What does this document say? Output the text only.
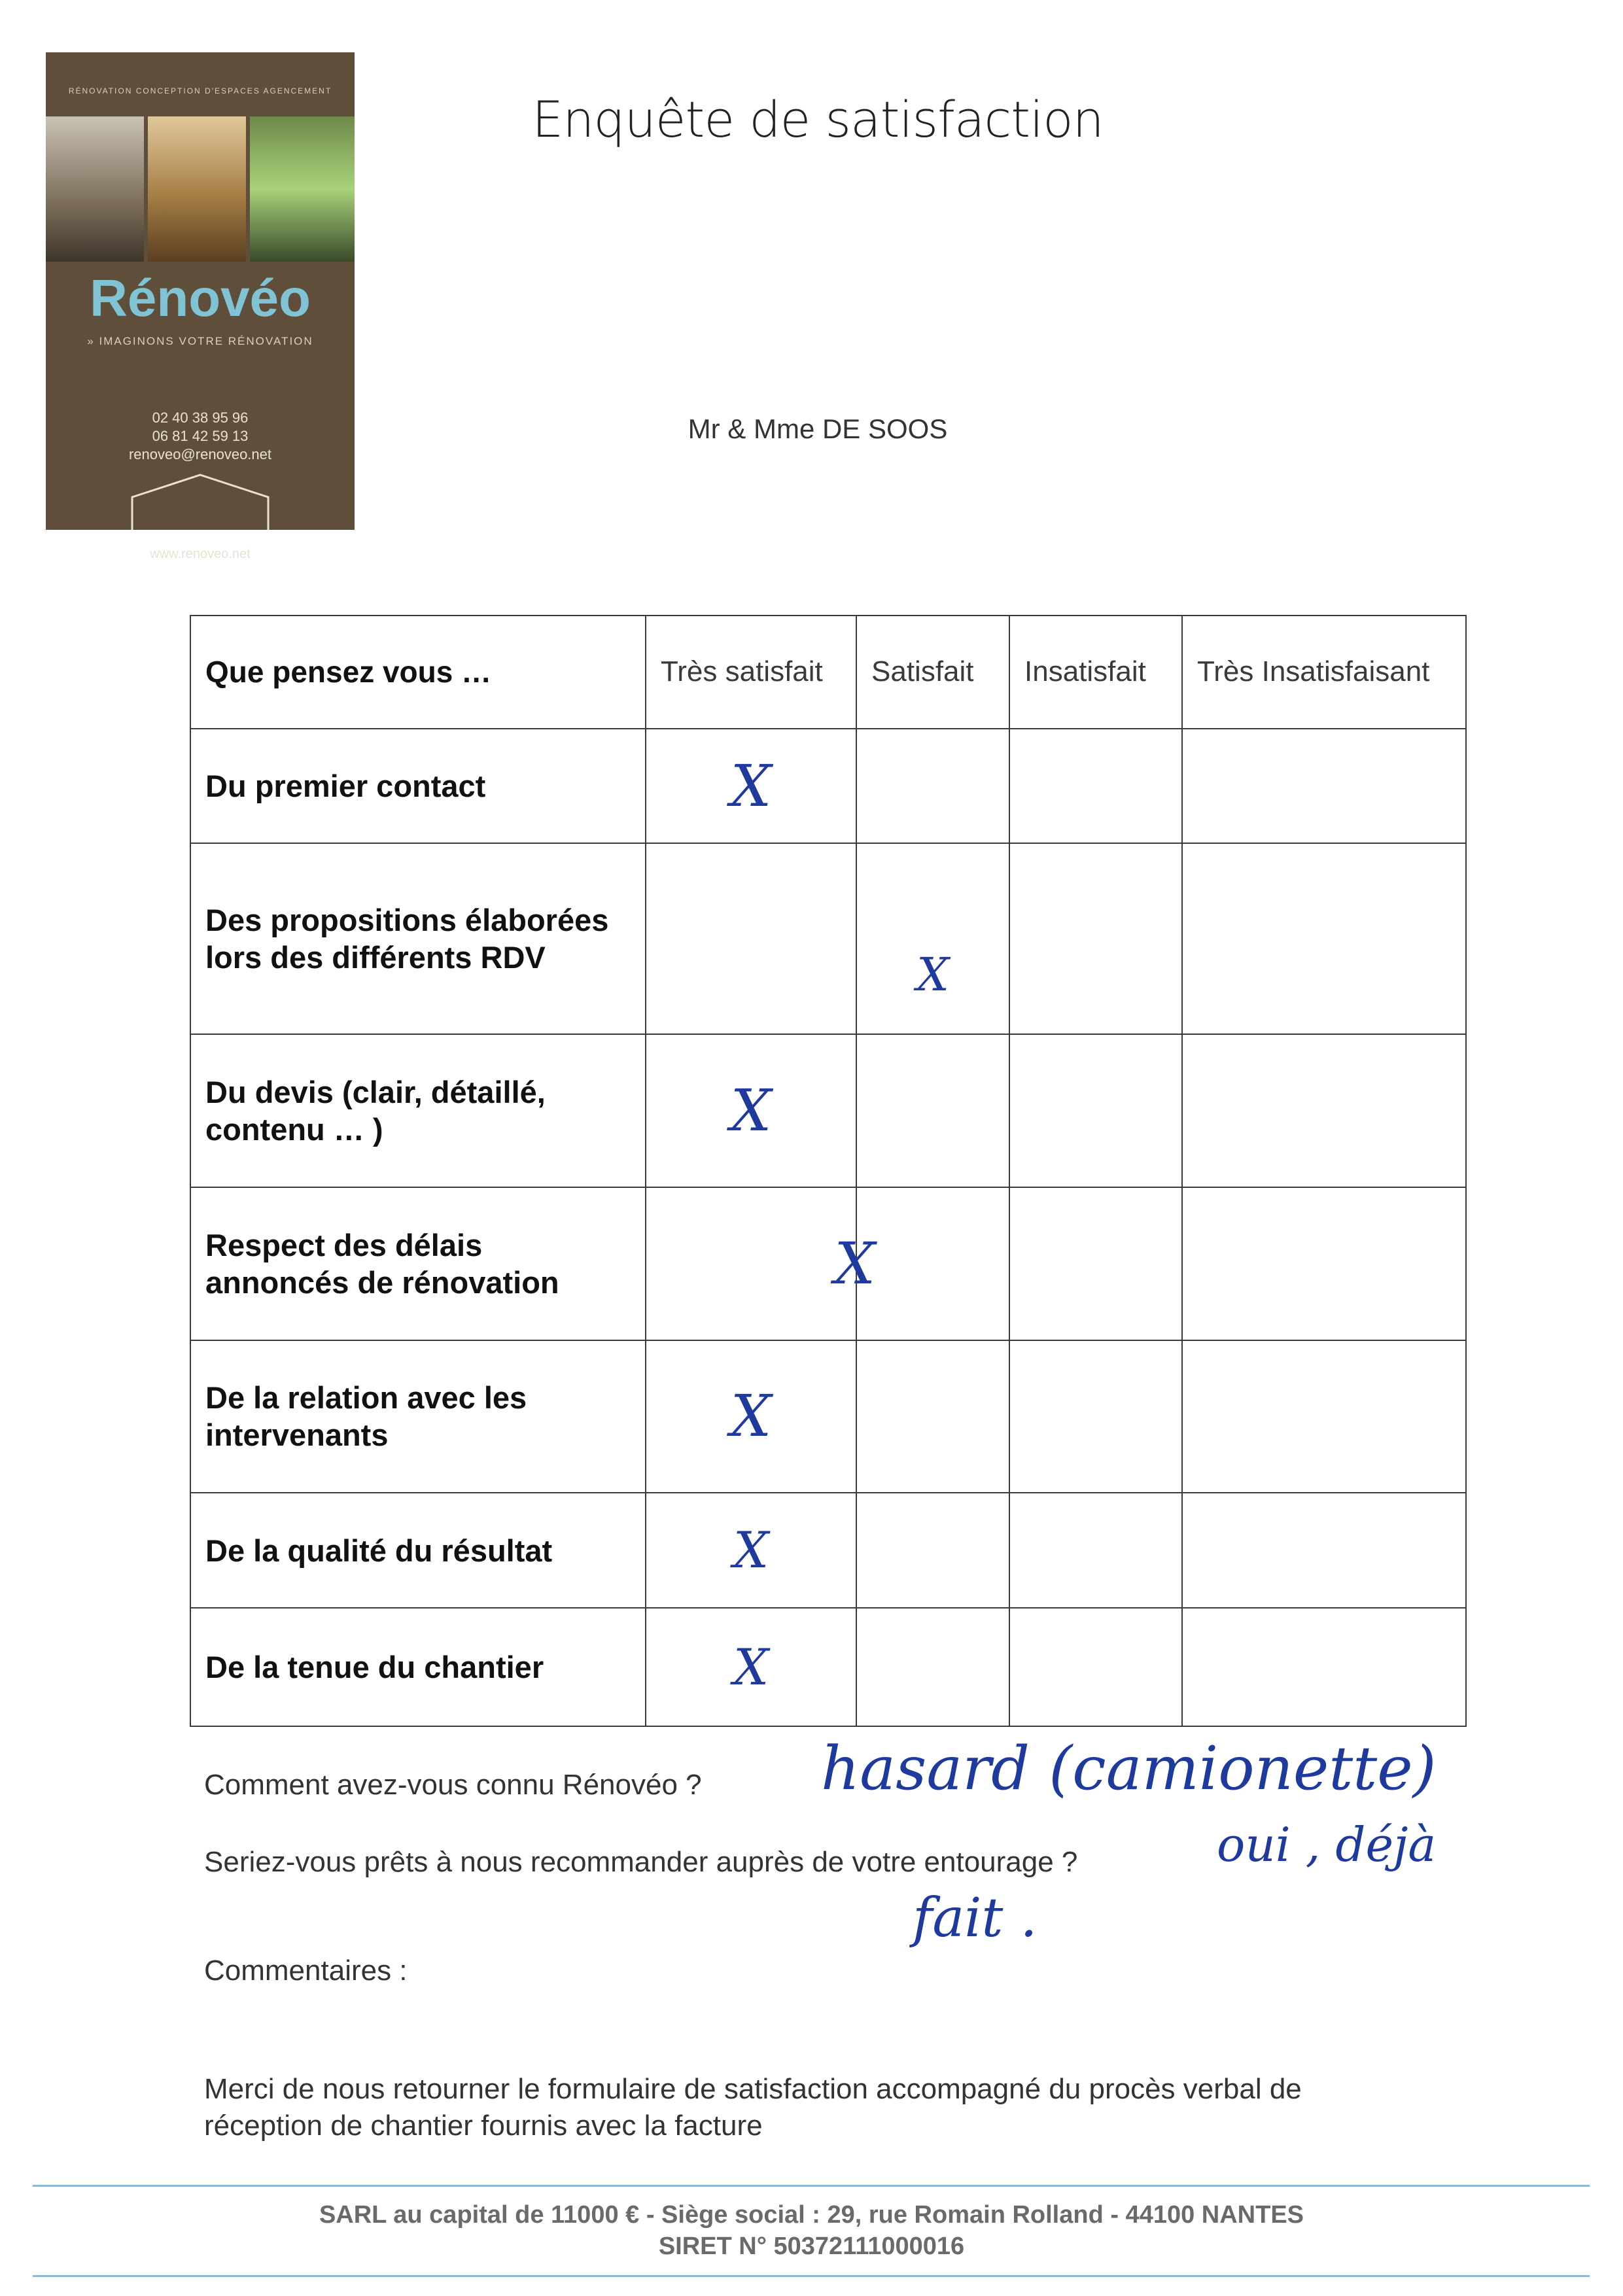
RÉNOVATION CONCEPTION D'ESPACES AGENCEMENT
Rénovéo
» IMAGINONS VOTRE RÉNOVATION
02 40 38 95 96
06 81 42 59 13
renoveo@renoveo.net
www.renoveo.net
Enquête de satisfaction
Mr & Mme DE SOOS
Que pensez vous …	Très satisfait	Satisfait	Insatisfait	Très Insatisfaisant
Du premier contact	X			
Des propositions élaborées lors des différents RDV		X		
Du devis (clair, détaillé, contenu … )	X			
Respect des délais annoncés de rénovation	X			
De la relation avec les intervenants	X			
De la qualité du résultat	X			
De la tenue du chantier	X			
Comment avez-vous connu Rénovéo ? hasard (camionette)
Seriez-vous prêts à nous recommander auprès de votre entourage ?	oui , déjà
fait .
Commentaires :
Merci de nous retourner le formulaire de satisfaction accompagné du procès verbal de
réception de chantier fournis avec la facture
SARL au capital de 11000 € - Siège social : 29, rue Romain Rolland - 44100 NANTES
SIRET N° 50372111000016
